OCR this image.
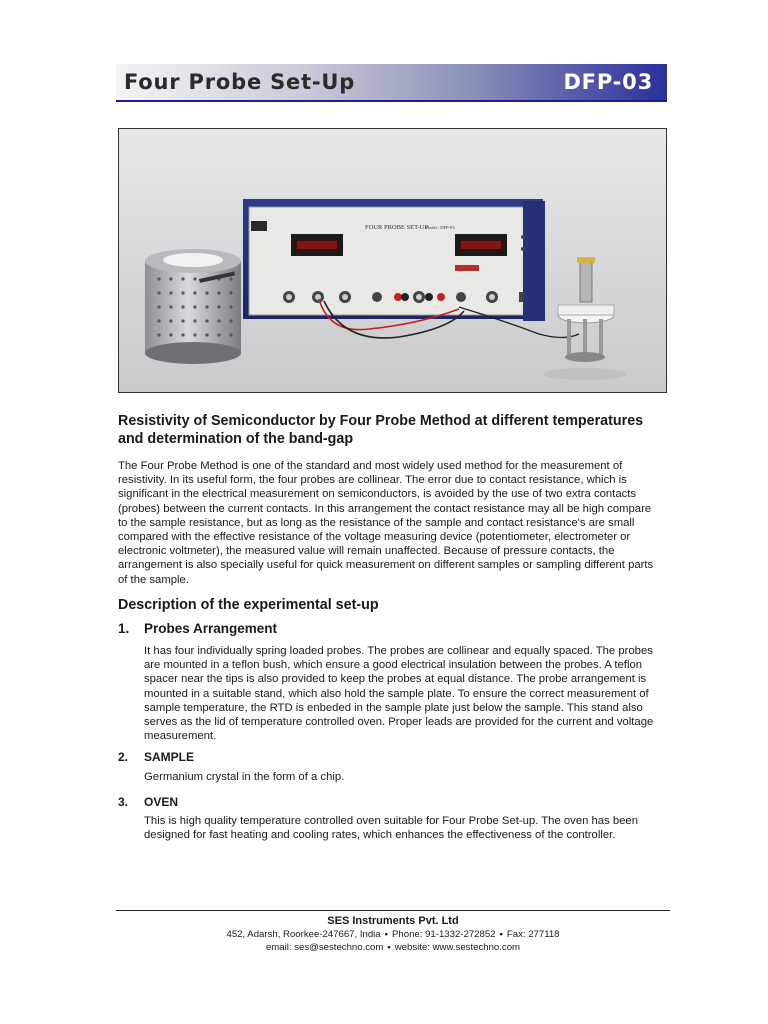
Four Probe Set-Up	DFP-03
FOUR PROBE SET-UP
Model : DFP-03
Resistivity of Semiconductor by Four Probe Method at different temperatures and determination of the band-gap

The Four Probe Method is one of the standard and most widely used method for the measurement of resistivity. In its useful form, the four probes are collinear. The error due to contact resistance, which is significant in the electrical measurement on semiconductors, is avoided by the use of two extra contacts (probes) between the current contacts. In this arrangement the contact resistance may all be high compare to the sample resistance, but as long as the resistance of the sample and contact resistance's are small compared with the effective resistance of the voltage measuring device (potentiometer, electrometer or electronic voltmeter), the measured value will remain unaffected. Because of pressure contacts, the arrangement is also specially useful for quick measurement on different samples or sampling different parts of the sample.

Description of the experimental set-up
1. Probes Arrangement

It has four individually spring loaded probes. The probes are collinear and equally spaced. The probes are mounted in a teflon bush, which ensure a good electrical insulation between the probes. A teflon spacer near the tips is also provided to keep the probes at equal distance. The probe arrangement is mounted in a suitable stand, which also hold the sample plate. To ensure the correct measurement of sample temperature, the RTD is enbeded in the sample plate just below the sample. This stand also serves as the lid of temperature controlled oven. Proper leads are provided for the current and voltage measurement.

2. SAMPLE

Germanium crystal in the form of a chip.

3. OVEN

This is high quality temperature controlled oven suitable for Four Probe Set-up. The oven has been designed for fast heating and cooling rates, which enhances the effectiveness of the controller.

SES Instruments Pvt. Ltd
452, Adarsh, Roorkee-247667, India • Phone: 91-1332-272852 • Fax: 277118
email: ses@sestechno.com • website: www.sestechno.com
